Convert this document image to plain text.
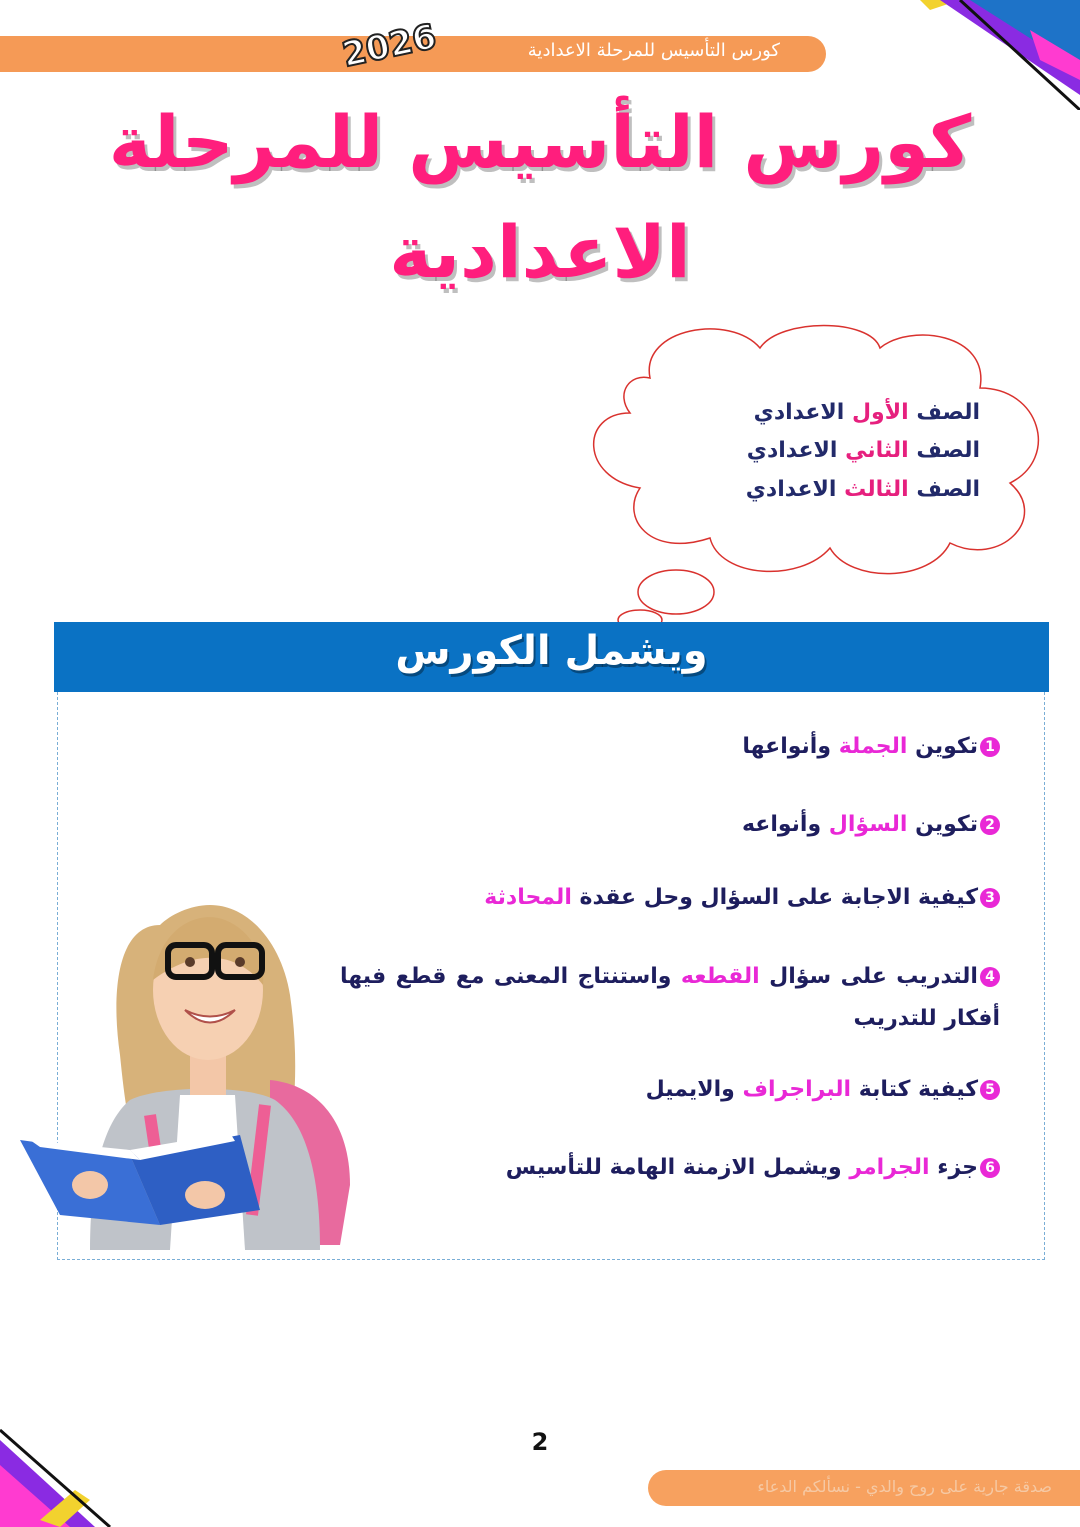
كورس التأسيس للمرحلة الاعدادية
2026
كورس التأسيس للمرحلة
الاعدادية
الصف الأول الاعدادي
الصف الثاني الاعدادي
الصف الثالث الاعدادي
ويشمل الكورس
1تكوين الجملة وأنواعها
2تكوين السؤال وأنواعه
3كيفية الاجابة على السؤال وحل عقدة المحادثة
4التدريب على سؤال القطعه واستنتاج المعنى مع قطع فيها أفكار للتدريب
5كيفية كتابة البراجراف والايميل
6جزء الجرامر ويشمل الازمنة الهامة للتأسيس
2
صدقة جارية على روح والدي - نسألكم الدعاء
